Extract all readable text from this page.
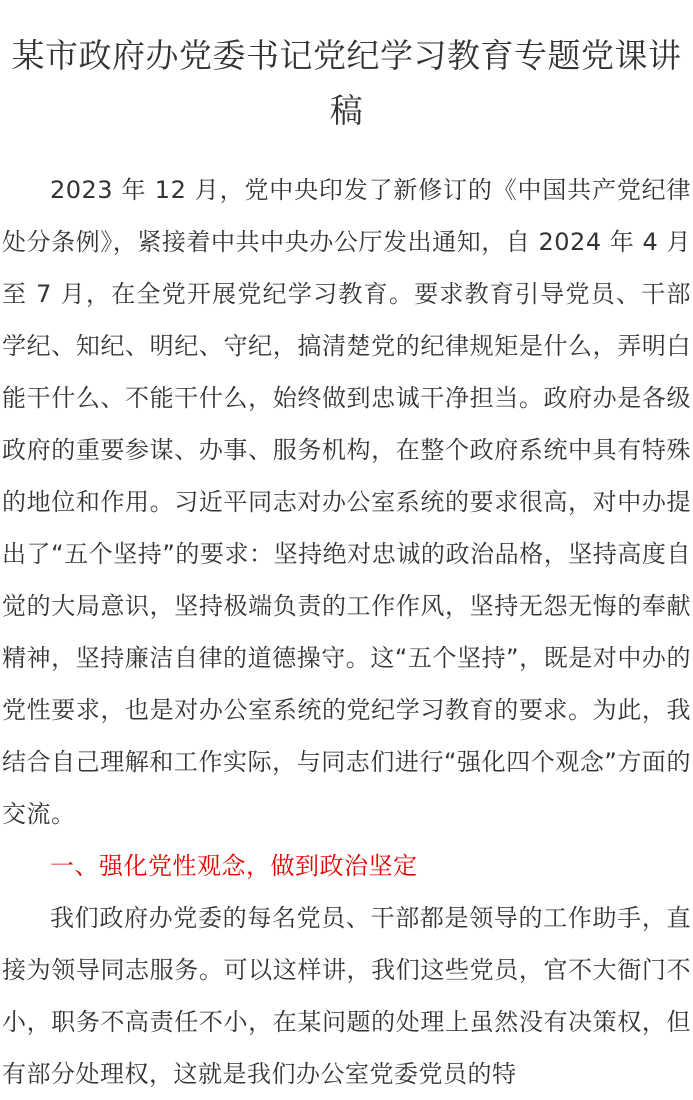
某市政府办党委书记党纪学习教育专题党课讲稿

2023 年 12 月，党中央印发了新修订的《中国共产党纪律处分条例》，紧接着中共中央办公厅发出通知，自 2024 年 4 月至 7 月，在全党开展党纪学习教育。要求教育引导党员、干部学纪、知纪、明纪、守纪，搞清楚党的纪律规矩是什么，弄明白能干什么、不能干什么，始终做到忠诚干净担当。政府办是各级政府的重要参谋、办事、服务机构，在整个政府系统中具有特殊的地位和作用。习近平同志对办公室系统的要求很高，对中办提出了“五个坚持”的要求：坚持绝对忠诚的政治品格，坚持高度自觉的大局意识，坚持极端负责的工作作风，坚持无怨无悔的奉献精神，坚持廉洁自律的道德操守。这“五个坚持”，既是对中办的党性要求，也是对办公室系统的党纪学习教育的要求。为此，我结合自己理解和工作实际，与同志们进行“强化四个观念”方面的交流。

一、强化党性观念，做到政治坚定

我们政府办党委的每名党员、干部都是领导的工作助手，直接为领导同志服务。可以这样讲，我们这些党员，官不大衙门不小，职务不高责任不小，在某问题的处理上虽然没有决策权，但有部分处理权，这就是我们办公室党委党员的特
